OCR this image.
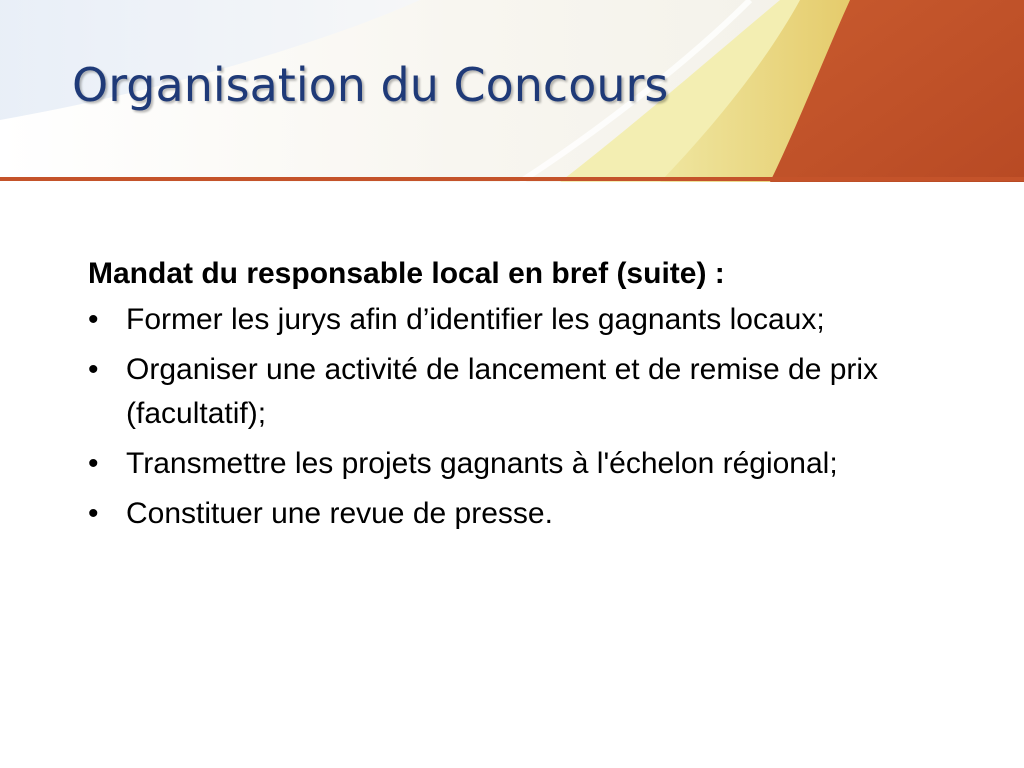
Organisation du Concours

Mandat du responsable local en bref (suite) :

• Former les jurys afin d’identifier les gagnants locaux;
• Organiser une activité de lancement et de remise de prix (facultatif);
• Transmettre les projets gagnants à l'échelon régional;
• Constituer une revue de presse.
